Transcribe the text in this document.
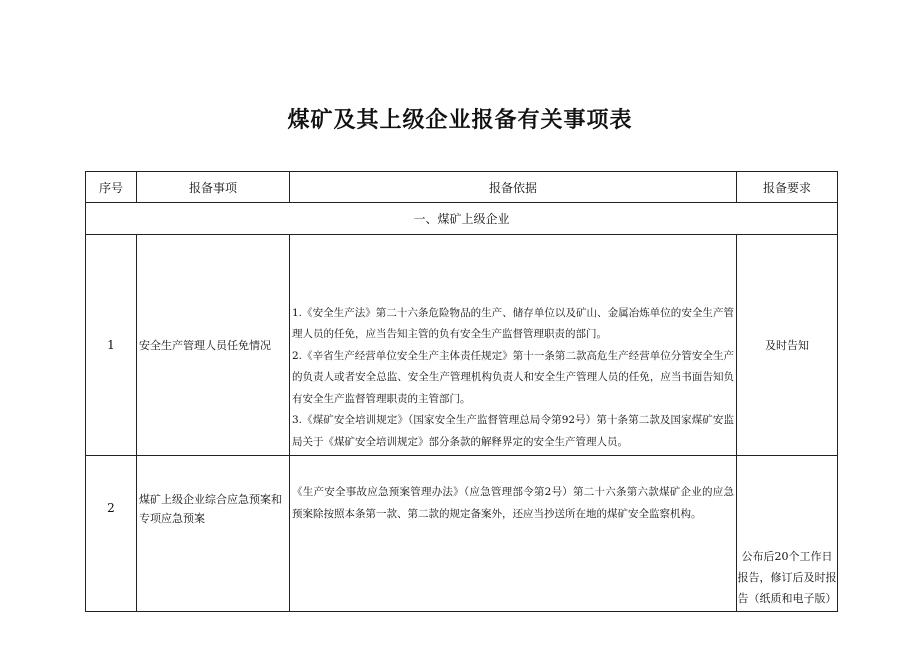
煤矿及其上级企业报备有关事项表
序号	报备事项	报备依据	报备要求
一、煤矿上级企业			
1	安全生产管理人员任免情况	1.《安全生产法》第二十六条危险物品的生产、储存单位以及矿山、金属冶炼单位的安全生产管理人员的任免，应当告知主管的负有安全生产监督管理职责的部门。

2.《辛省生产经营单位安全生产主体责任规定》第十一条第二款高危生产经营单位分管安全生产的负责人或者安全总监、安全生产管理机构负责人和安全生产管理人员的任免，应当书面告知负有安全生产监督管理职责的主管部门。

3.《煤矿安全培训规定》（国家安全生产监督管理总局令第92号）第十条第二款及国家煤矿安监局关于《煤矿安全培训规定》部分条款的解释界定的安全生产管理人员。	及时告知
2	煤矿上级企业综合应急预案和专项应急预案	《生产安全事故应急预案管理办法》（应急管理部令第2号）第二十六条第六款煤矿企业的应急预案除按照本条第一款、第二款的规定备案外，还应当抄送所在地的煤矿安全监察机构。	公布后20个工作日报告，修订后及时报告（纸质和电子版）
